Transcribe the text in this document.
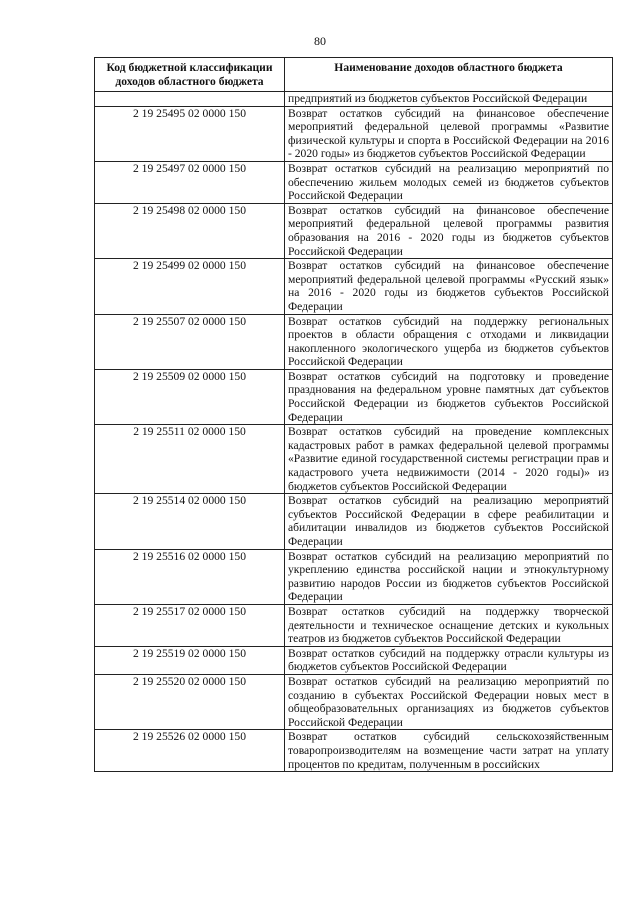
80
Код бюджетной классификации доходов областного бюджета	Наименование доходов областного бюджета
	предприятий из бюджетов субъектов Российской Федерации
2 19 25495 02 0000 150	Возврат остатков субсидий на финансовое обеспечение мероприятий федеральной целевой программы «Развитие физической культуры и спорта в Российской Федерации на 2016 - 2020 годы» из бюджетов субъектов Российской Федерации
2 19 25497 02 0000 150	Возврат остатков субсидий на реализацию мероприятий по обеспечению жильем молодых семей из бюджетов субъектов Российской Федерации
2 19 25498 02 0000 150	Возврат остатков субсидий на финансовое обеспечение мероприятий федеральной целевой программы развития образования на 2016 - 2020 годы из бюджетов субъектов Российской Федерации
2 19 25499 02 0000 150	Возврат остатков субсидий на финансовое обеспечение мероприятий федеральной целевой программы «Русский язык» на 2016 - 2020 годы из бюджетов субъектов Российской Федерации
2 19 25507 02 0000 150	Возврат остатков субсидий на поддержку региональных проектов в области обращения с отходами и ликвидации накопленного экологического ущерба из бюджетов субъектов Российской Федерации
2 19 25509 02 0000 150	Возврат остатков субсидий на подготовку и проведение празднования на федеральном уровне памятных дат субъектов Российской Федерации из бюджетов субъектов Российской Федерации
2 19 25511 02 0000 150	Возврат остатков субсидий на проведение комплексных кадастровых работ в рамках федеральной целевой программы «Развитие единой государственной системы регистрации прав и кадастрового учета недвижимости (2014 - 2020 годы)» из бюджетов субъектов Российской Федерации
2 19 25514 02 0000 150	Возврат остатков субсидий на реализацию мероприятий субъектов Российской Федерации в сфере реабилитации и абилитации инвалидов из бюджетов субъектов Российской Федерации
2 19 25516 02 0000 150	Возврат остатков субсидий на реализацию мероприятий по укреплению единства российской нации и этнокультурному развитию народов России из бюджетов субъектов Российской Федерации
2 19 25517 02 0000 150	Возврат остатков субсидий на поддержку творческой деятельности и техническое оснащение детских и кукольных театров из бюджетов субъектов Российской Федерации
2 19 25519 02 0000 150	Возврат остатков субсидий на поддержку отрасли культуры из бюджетов субъектов Российской Федерации
2 19 25520 02 0000 150	Возврат остатков субсидий на реализацию мероприятий по созданию в субъектах Российской Федерации новых мест в общеобразовательных организациях из бюджетов субъектов Российской Федерации
2 19 25526 02 0000 150	Возврат остатков субсидий сельскохозяйственным товаропроизводителям на возмещение части затрат на уплату процентов по кредитам, полученным в российских
